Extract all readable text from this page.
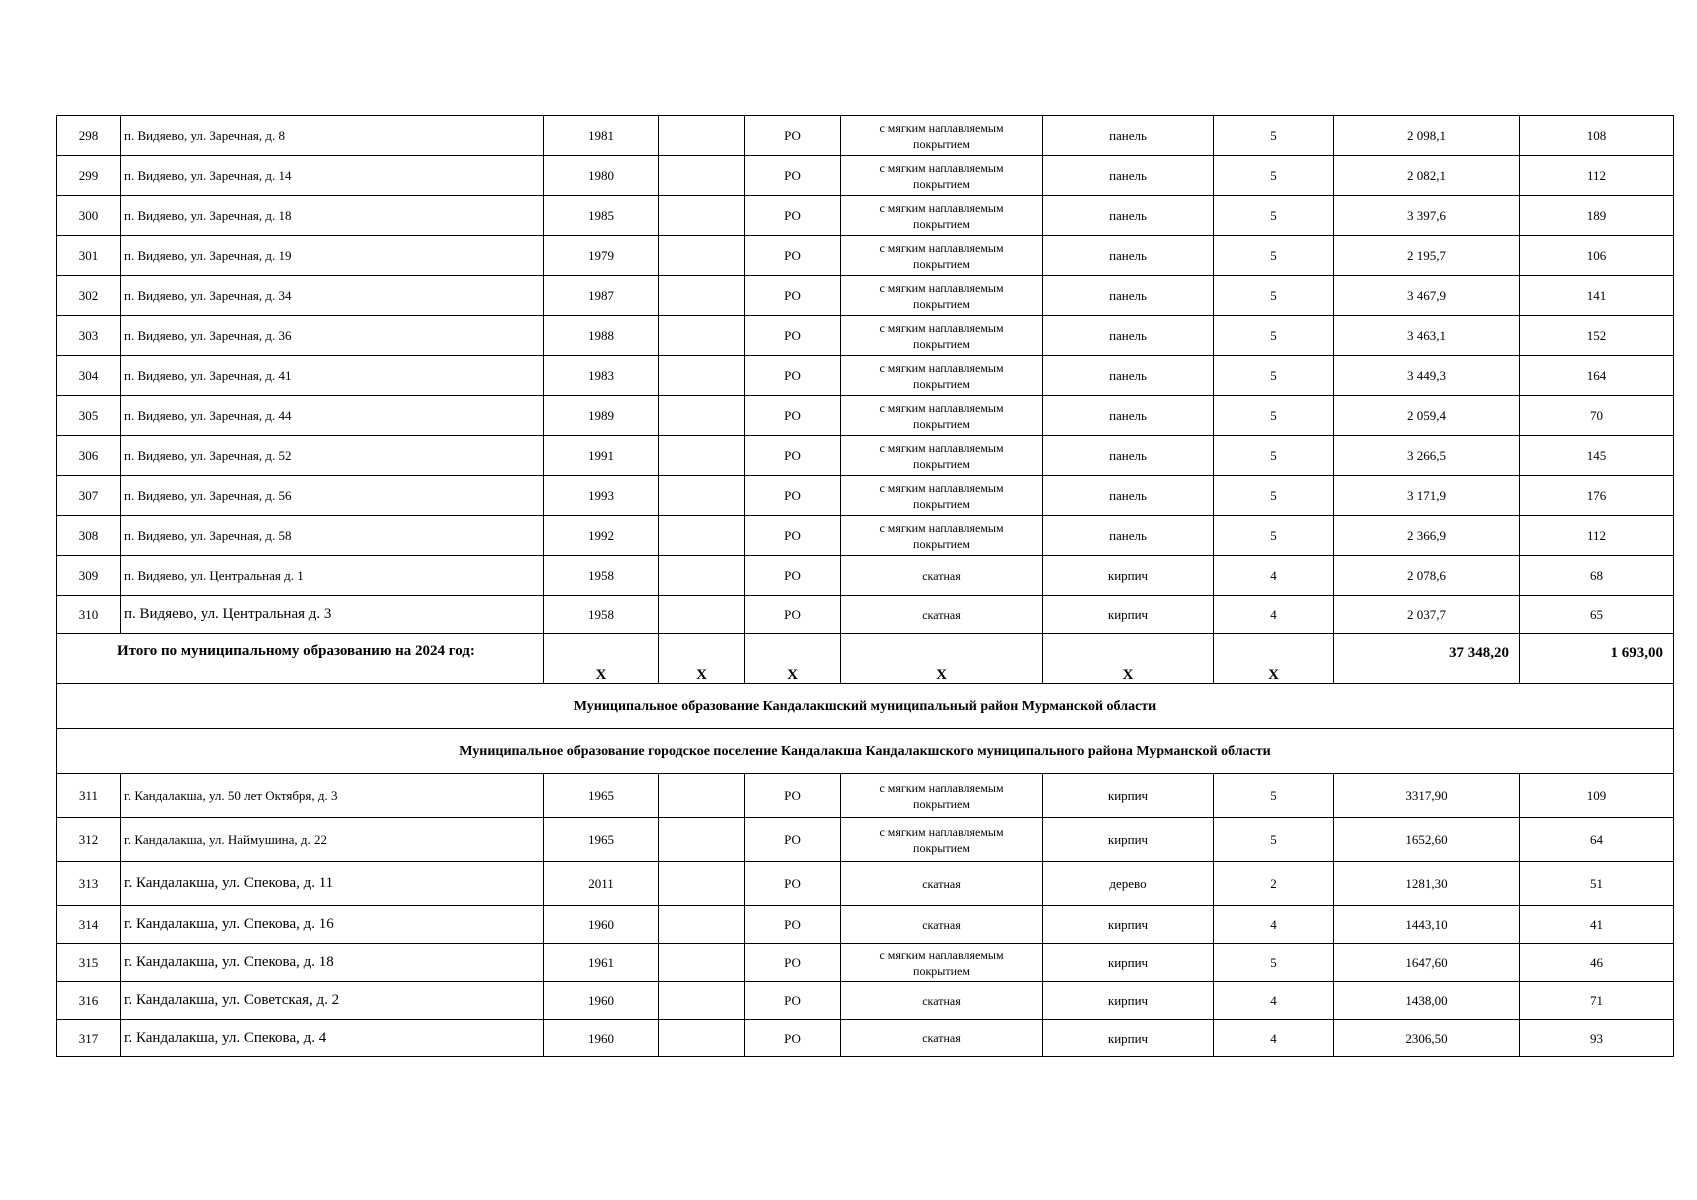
298	п. Видяево, ул. Заречная, д. 8	1981		РО	с мягким наплавляемым
покрытием	панель	5	2 098,1	108
299	п. Видяево, ул. Заречная, д. 14	1980		РО	с мягким наплавляемым
покрытием	панель	5	2 082,1	112
300	п. Видяево, ул. Заречная, д. 18	1985		РО	с мягким наплавляемым
покрытием	панель	5	3 397,6	189
301	п. Видяево, ул. Заречная, д. 19	1979		РО	с мягким наплавляемым
покрытием	панель	5	2 195,7	106
302	п. Видяево, ул. Заречная, д. 34	1987		РО	с мягким наплавляемым
покрытием	панель	5	3 467,9	141
303	п. Видяево, ул. Заречная, д. 36	1988		РО	с мягким наплавляемым
покрытием	панель	5	3 463,1	152
304	п. Видяево, ул. Заречная, д. 41	1983		РО	с мягким наплавляемым
покрытием	панель	5	3 449,3	164
305	п. Видяево, ул. Заречная, д. 44	1989		РО	с мягким наплавляемым
покрытием	панель	5	2 059,4	70
306	п. Видяево, ул. Заречная, д. 52	1991		РО	с мягким наплавляемым
покрытием	панель	5	3 266,5	145
307	п. Видяево, ул. Заречная, д. 56	1993		РО	с мягким наплавляемым
покрытием	панель	5	3 171,9	176
308	п. Видяево, ул. Заречная, д. 58	1992		РО	с мягким наплавляемым
покрытием	панель	5	2 366,9	112
309	п. Видяево, ул. Центральная д. 1	1958		РО	скатная	кирпич	4	2 078,6	68
310	п. Видяево, ул. Центральная д. 3	1958		РО	скатная	кирпич	4	2 037,7	65
Итого по муниципальному образованию на 2024 год:		X	X	X	X	X	X	37 348,20	1 693,00
Муниципальное образование Кандалакшский муниципальный район Мурманской области									
Муниципальное образование городское поселение Кандалакша Кандалакшского муниципального района Мурманской области									
311	г. Кандалакша, ул. 50 лет Октября, д. 3	1965		РО	с мягким наплавляемым
покрытием	кирпич	5	3317,90	109
312	г. Кандалакша, ул. Наймушина, д. 22	1965		РО	с мягким наплавляемым
покрытием	кирпич	5	1652,60	64
313	г. Кандалакша, ул. Спекова, д. 11	2011		РО	скатная	дерево	2	1281,30	51
314	г. Кандалакша, ул. Спекова, д. 16	1960		РО	скатная	кирпич	4	1443,10	41
315	г. Кандалакша, ул. Спекова, д. 18	1961		РО	с мягким наплавляемым
покрытием	кирпич	5	1647,60	46
316	г. Кандалакша, ул. Советская, д. 2	1960		РО	скатная	кирпич	4	1438,00	71
317	г. Кандалакша, ул. Спекова, д. 4	1960		РО	скатная	кирпич	4	2306,50	93
